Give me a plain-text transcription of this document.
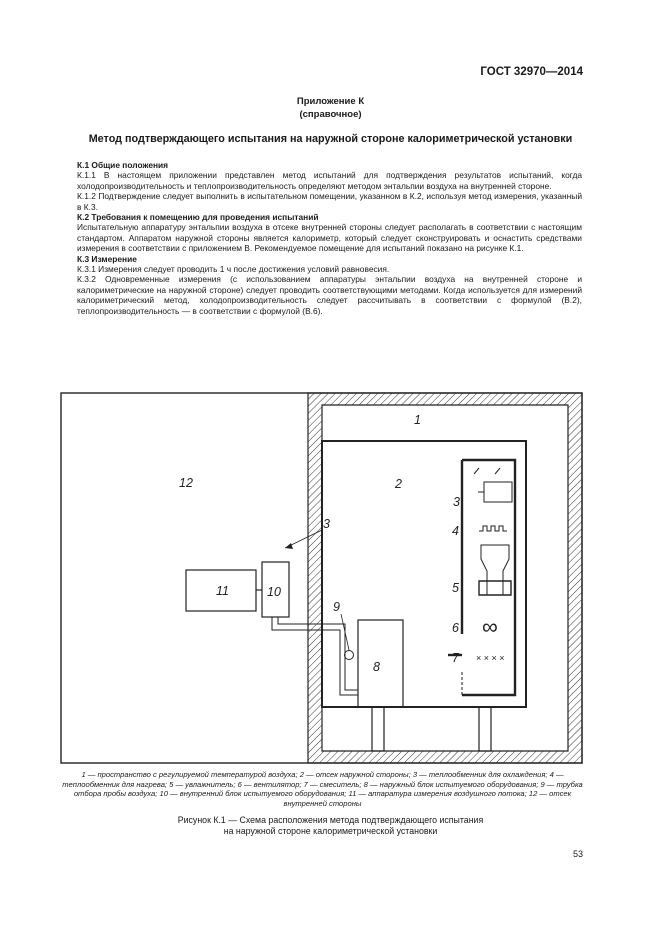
ГОСТ 32970—2014
Приложение К
(справочное)
Метод подтверждающего испытания на наружной стороне калориметрической установки

К.1 Общие положения

К.1.1 В настоящем приложении представлен метод испытаний для подтверждения результатов испытаний, когда холодопроизводительность и теплопроизводительность определяют методом энтальпии воздуха на внутренней стороне.

К.1.2 Подтверждение следует выполнить в испытательном помещении, указанном в К.2, используя метод измерения, указанный в К.3.

К.2 Требования к помещению для проведения испытаний

Испытательную аппаратуру энтальпии воздуха в отсеке внутренней стороны следует располагать в соответствии с настоящим стандартом. Аппаратом наружной стороны является калориметр, который следует сконструировать и оснастить средствами измерения в соответствии с приложением В. Рекомендуемое помещение для испытаний показано на рисунке К.1.

К.3 Измерение

К.3.1 Измерения следует проводить 1 ч после достижения условий равновесия.

К.3.2 Одновременные измерения (с использованием аппаратуры энтальпии воздуха на внутренней стороне и калориметрические на наружной стороне) следует проводить соответствующими методами. Когда используется для измерений калориметрический метод, холодопроизводительность следует рассчитывать в соответствии с формулой (В.2), теплопроизводительность — в соответствии с формулой (В.6).

1
2
3
3	4
5
6
7
8
9
10
11
12
∞
× × × ×
1 — пространство с регулируемой температурой воздуха; 2 — отсек наружной стороны; 3 — теплообменник для охлаждения; 4 — теплообменник для нагрева; 5 — увлажнитель; 6 — вентилятор; 7 — смеситель; 8 — наружный блок испытуемого оборудования; 9 — трубка отбора пробы воздуха; 10 — внутренний блок испытуемого оборудования; 11 — аппаратура измерения воздушного потока; 12 — отсек внутренней стороны
Рисунок К.1 — Схема расположения метода подтверждающего испытания
на наружной стороне калориметрической установки
53
